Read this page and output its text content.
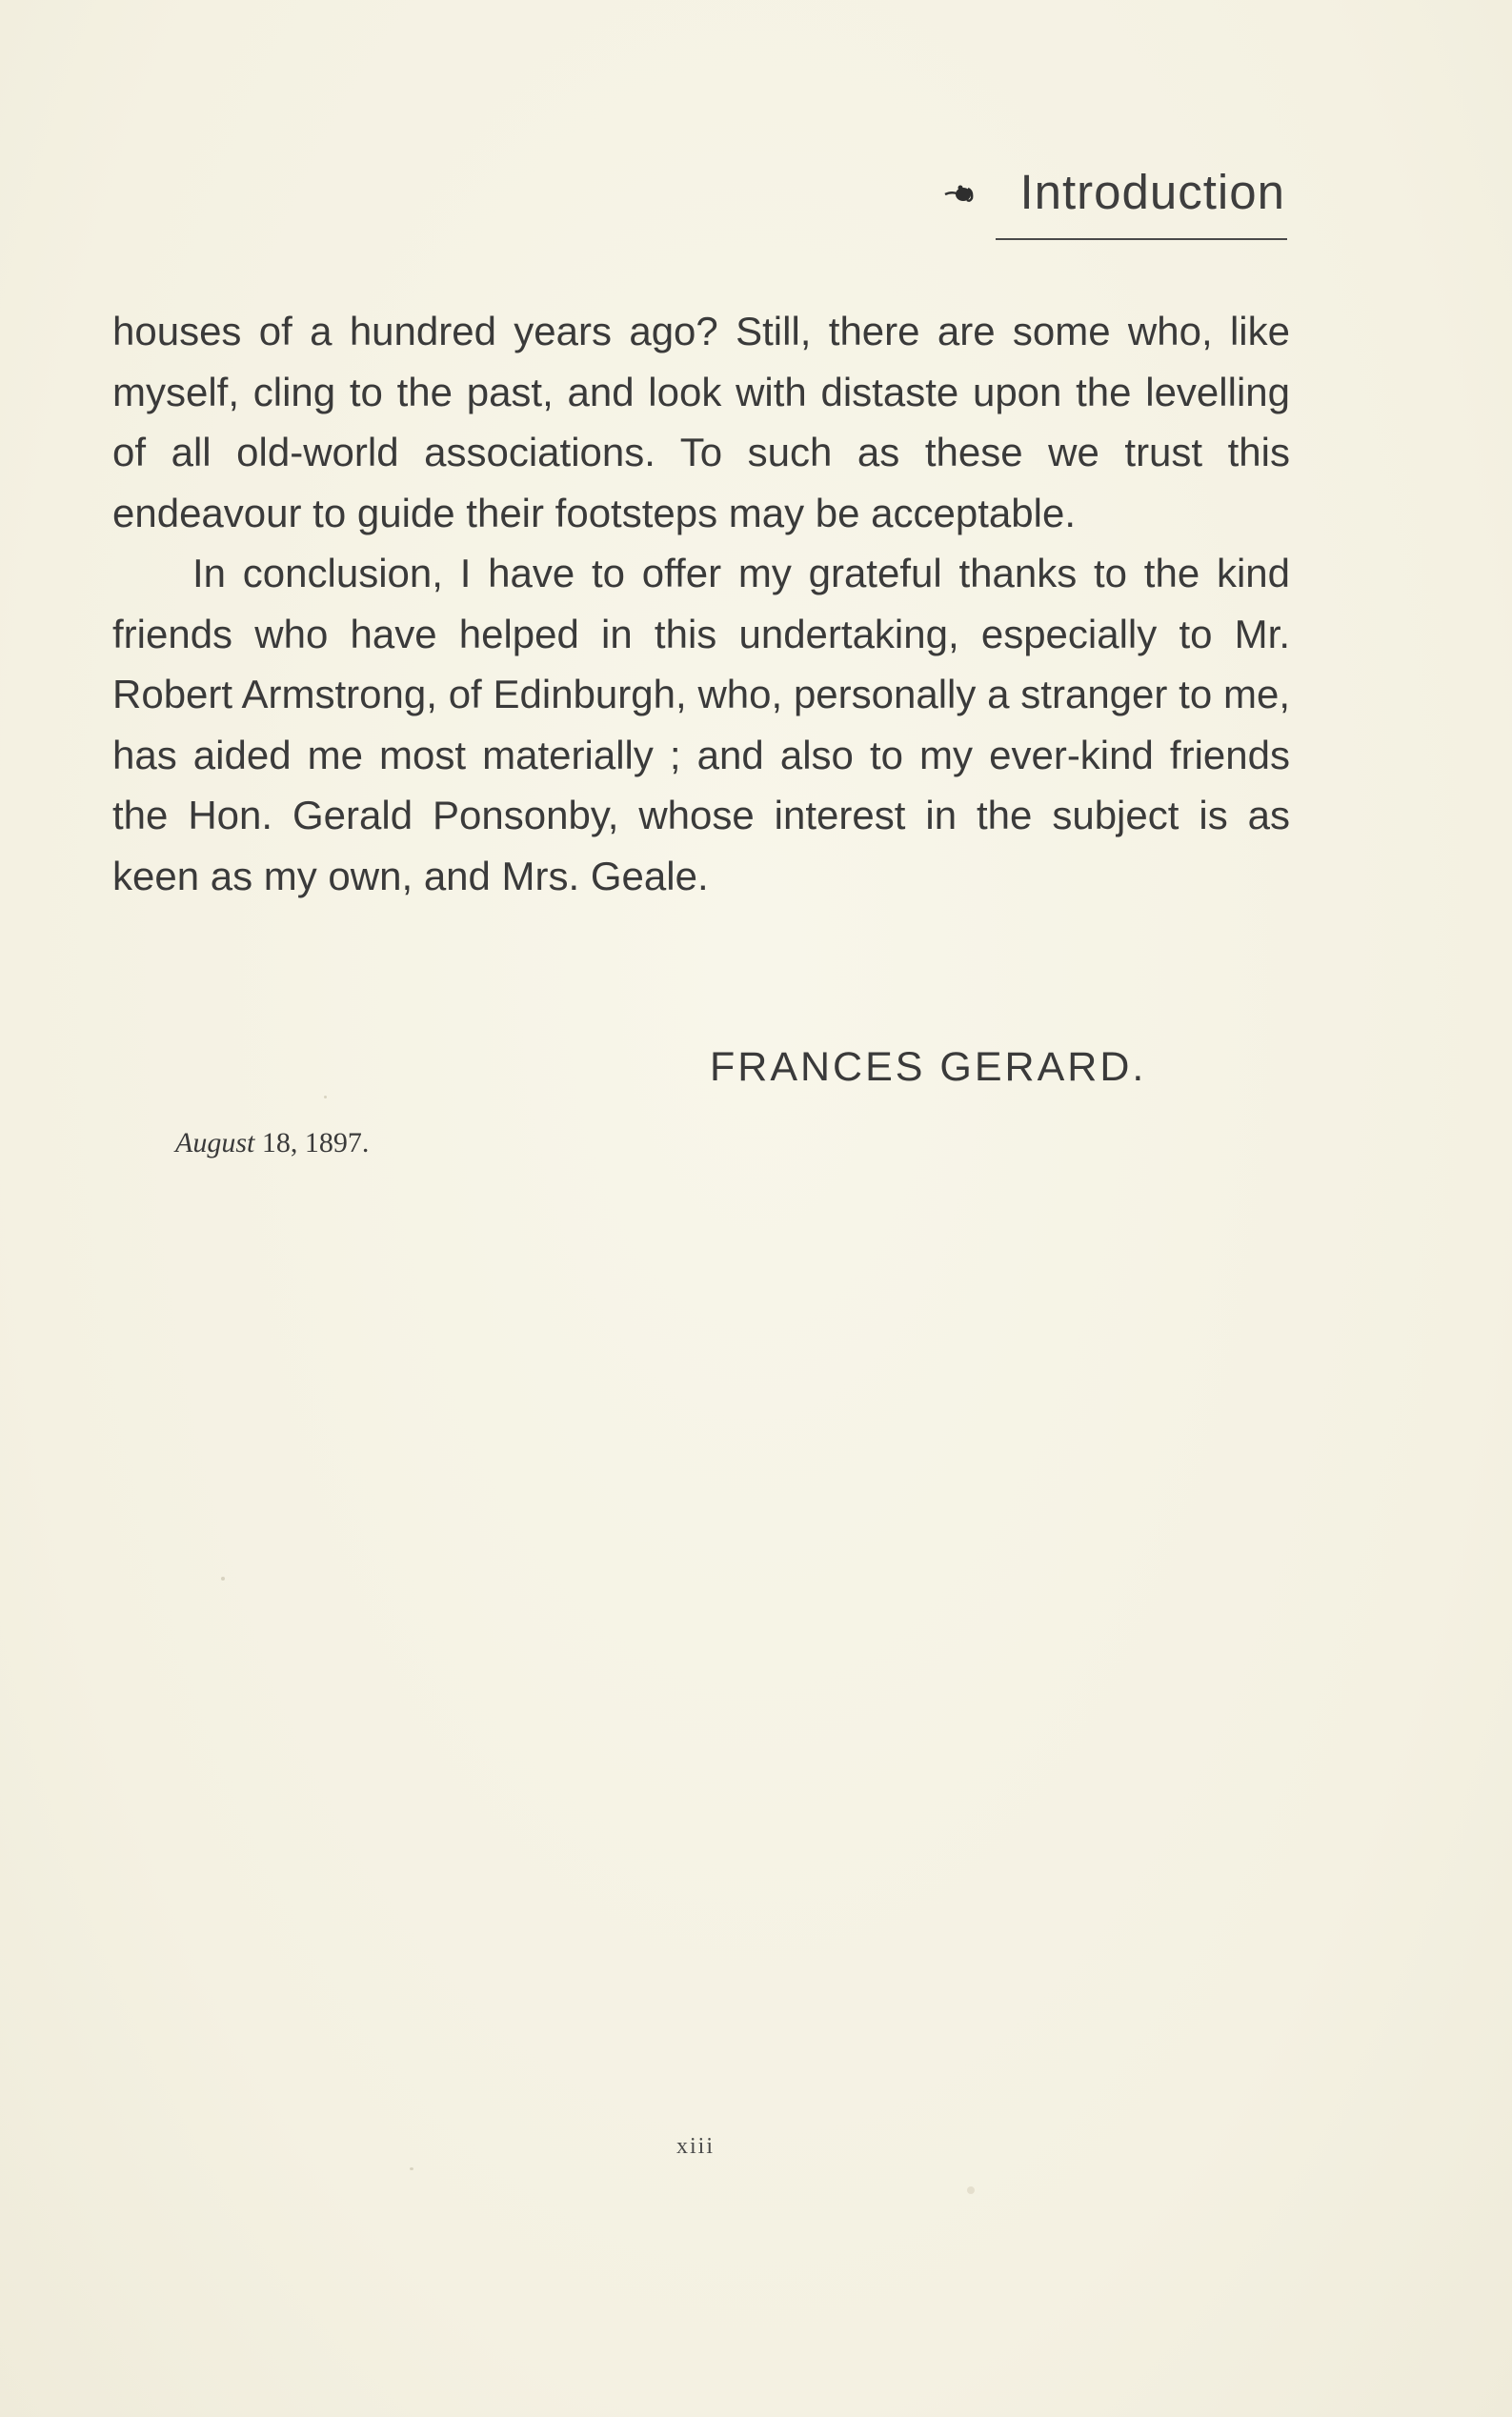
Introduction

houses of a hundred years ago? Still, there are some who, like myself, cling to the past, and look with distaste upon the levelling of all old-world associations. To such as these we trust this endeavour to guide their footsteps may be acceptable.

In conclusion, I have to offer my grateful thanks to the kind friends who have helped in this undertaking, especially to Mr. Robert Armstrong, of Edinburgh, who, personally a stranger to me, has aided me most materially ; and also to my ever-kind friends the Hon. Gerald Ponsonby, whose interest in the subject is as keen as my own, and Mrs. Geale.

FRANCES GERARD.
August 18, 1897.
xiii
